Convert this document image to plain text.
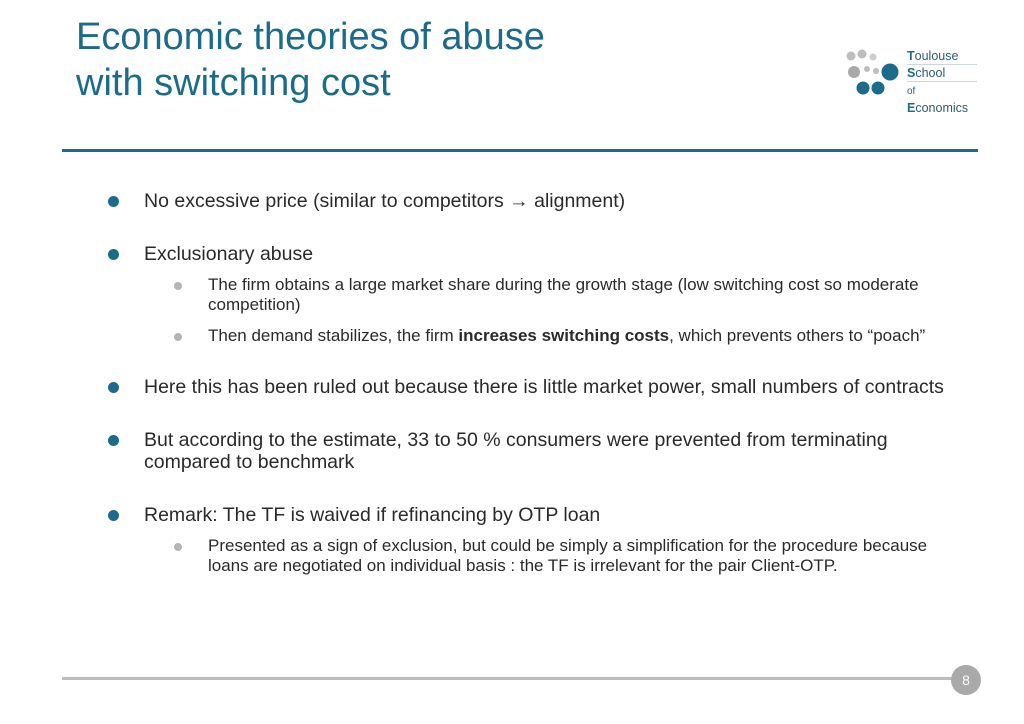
Economic theories of abuse
with switching cost
Toulouse
School
of Economics
No excessive price (similar to competitors → alignment)
Exclusionary abuse
The firm obtains a large market share during the growth stage (low switching cost so moderate competition)
Then demand stabilizes, the firm increases switching costs, which prevents others to “poach”
Here this has been ruled out because there is little market power, small numbers of contracts
But according to the estimate, 33 to 50 % consumers were prevented from terminating compared to benchmark
Remark: The TF is waived if refinancing by OTP loan
Presented as a sign of exclusion, but could be simply a simplification for the procedure because loans are negotiated on individual basis : the TF is irrelevant for the pair Client-OTP.
8
